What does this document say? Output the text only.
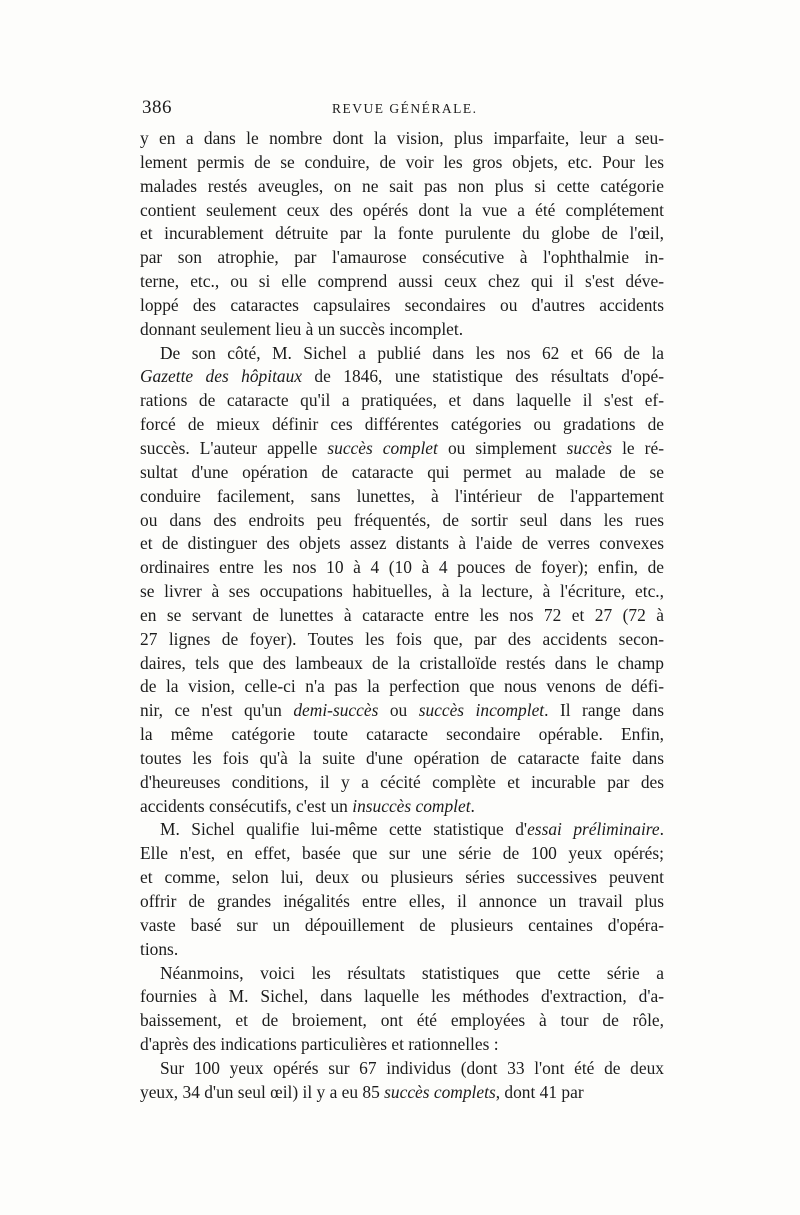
386	REVUE GÉNÉRALE.
y en a dans le nombre dont la vision, plus imparfaite, leur a seu-
lement permis de se conduire, de voir les gros objets, etc. Pour les
malades restés aveugles, on ne sait pas non plus si cette catégorie
contient seulement ceux des opérés dont la vue a été complétement
et incurablement détruite par la fonte purulente du globe de l'œil,
par son atrophie, par l'amaurose consécutive à l'ophthalmie in-
terne, etc., ou si elle comprend aussi ceux chez qui il s'est déve-
loppé des cataractes capsulaires secondaires ou d'autres accidents
donnant seulement lieu à un succès incomplet.
De son côté, M. Sichel a publié dans les nos 62 et 66 de la
Gazette des hôpitaux de 1846, une statistique des résultats d'opé-
rations de cataracte qu'il a pratiquées, et dans laquelle il s'est ef-
forcé de mieux définir ces différentes catégories ou gradations de
succès. L'auteur appelle succès complet ou simplement succès le ré-
sultat d'une opération de cataracte qui permet au malade de se
conduire facilement, sans lunettes, à l'intérieur de l'appartement
ou dans des endroits peu fréquentés, de sortir seul dans les rues
et de distinguer des objets assez distants à l'aide de verres convexes
ordinaires entre les nos 10 à 4 (10 à 4 pouces de foyer); enfin, de
se livrer à ses occupations habituelles, à la lecture, à l'écriture, etc.,
en se servant de lunettes à cataracte entre les nos 72 et 27 (72 à
27 lignes de foyer). Toutes les fois que, par des accidents secon-
daires, tels que des lambeaux de la cristalloïde restés dans le champ
de la vision, celle-ci n'a pas la perfection que nous venons de défi-
nir, ce n'est qu'un demi-succès ou succès incomplet. Il range dans
la même catégorie toute cataracte secondaire opérable. Enfin,
toutes les fois qu'à la suite d'une opération de cataracte faite dans
d'heureuses conditions, il y a cécité complète et incurable par des
accidents consécutifs, c'est un insuccès complet.
M. Sichel qualifie lui-même cette statistique d'essai préliminaire.
Elle n'est, en effet, basée que sur une série de 100 yeux opérés;
et comme, selon lui, deux ou plusieurs séries successives peuvent
offrir de grandes inégalités entre elles, il annonce un travail plus
vaste basé sur un dépouillement de plusieurs centaines d'opéra-
tions.
Néanmoins, voici les résultats statistiques que cette série a
fournies à M. Sichel, dans laquelle les méthodes d'extraction, d'a-
baissement, et de broiement, ont été employées à tour de rôle,
d'après des indications particulières et rationnelles :
Sur 100 yeux opérés sur 67 individus (dont 33 l'ont été de deux
yeux, 34 d'un seul œil) il y a eu 85 succès complets, dont 41 par
